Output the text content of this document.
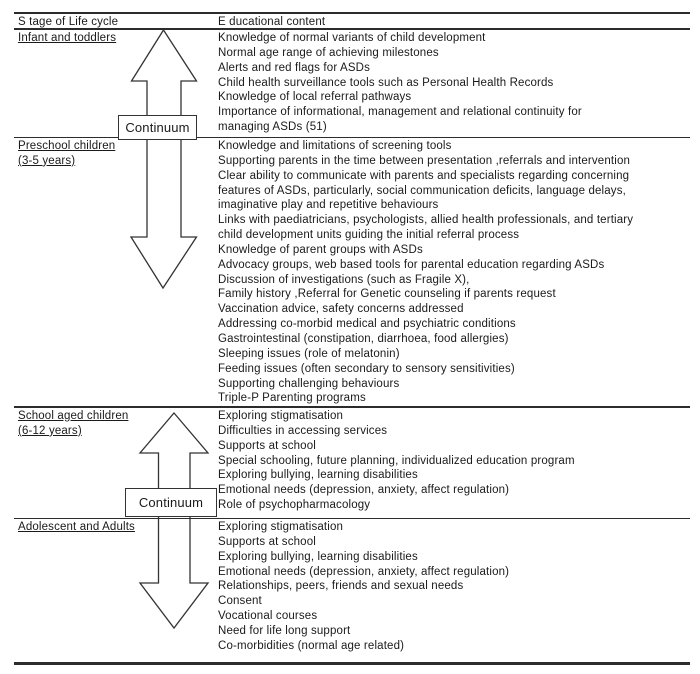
S tage of Life cycle	E ducational content
Infant and toddlers
Preschool children
(3-5 years)
School aged children
(6-12 years)
Adolescent and Adults
Knowledge of normal variants of child development
Normal age range of achieving milestones
Alerts and red flags for ASDs
Child health surveillance tools such as Personal Health Records
Knowledge of local referral pathways
Importance of informational, management and relational continuity for
managing ASDs (51)
Knowledge and limitations of screening tools
Supporting parents in the time between presentation ,referrals and intervention
Clear ability to communicate with parents and specialists regarding concerning
features of ASDs, particularly, social communication deficits, language delays,
imaginative play and repetitive behaviours
Links with paediatricians, psychologists, allied health professionals, and tertiary
child development units guiding the initial referral process
Knowledge of parent groups with ASDs
Advocacy groups, web based tools for parental education regarding ASDs
Discussion of investigations (such as Fragile X),
Family history ,Referral for Genetic counseling if parents request
Vaccination advice, safety concerns addressed
Addressing co-morbid medical and psychiatric conditions
Gastrointestinal (constipation, diarrhoea, food allergies)
Sleeping issues (role of melatonin)
Feeding issues (often secondary to sensory sensitivities)
Supporting challenging behaviours
Triple-P Parenting programs
Exploring stigmatisation
Difficulties in accessing services
Supports at school
Special schooling, future planning, individualized education program
Exploring bullying, learning disabilities
Emotional needs (depression, anxiety, affect regulation)
Role of psychopharmacology
Exploring stigmatisation
Supports at school
Exploring bullying, learning disabilities
Emotional needs (depression, anxiety, affect regulation)
Relationships, peers, friends and sexual needs
Consent
Vocational courses
Need for life long support
Co-morbidities (normal age related)
Continuum
Continuum
